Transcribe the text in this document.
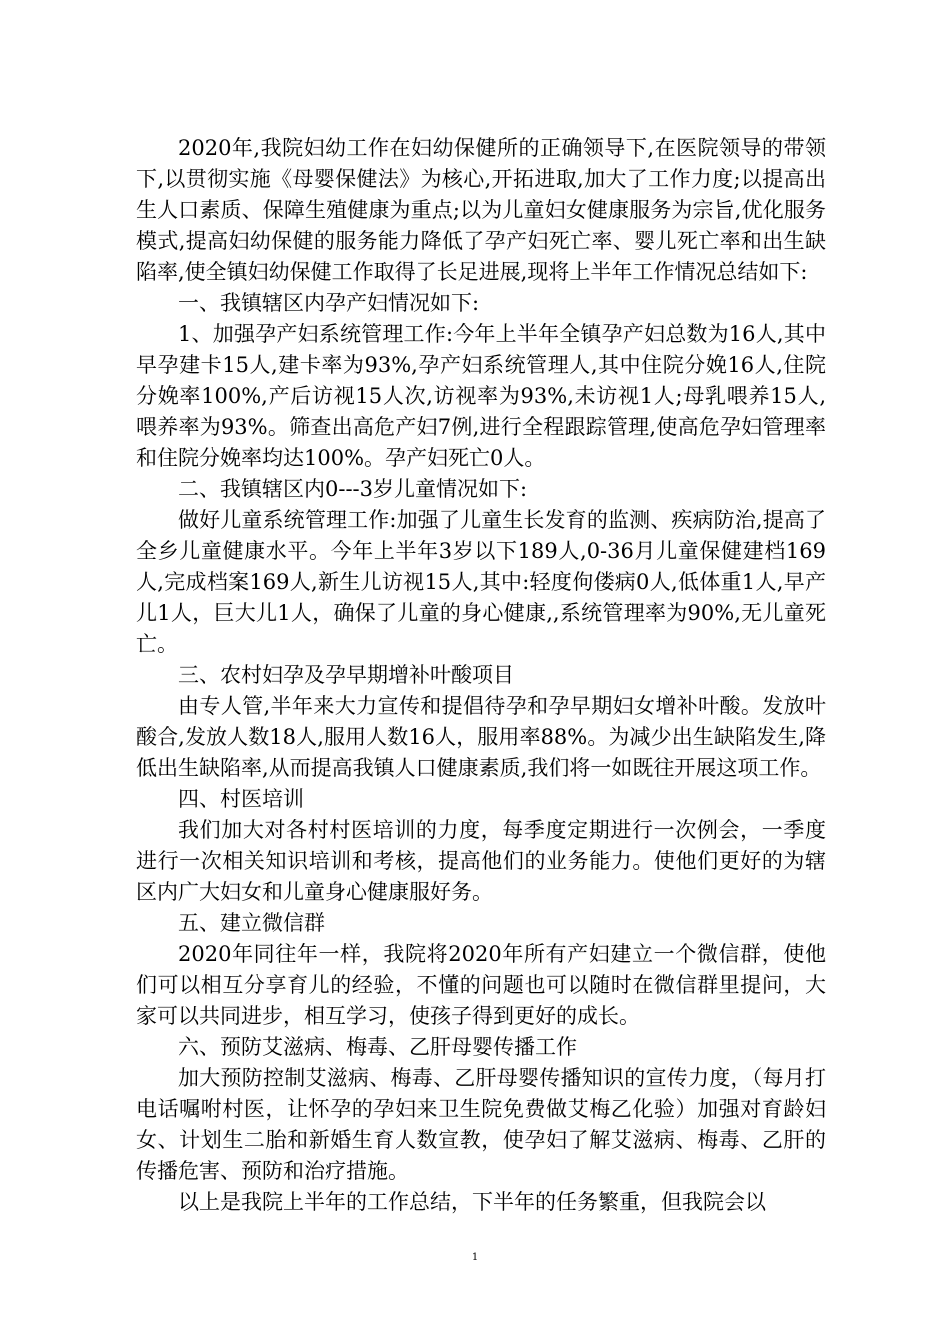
2020年,我院妇幼工作在妇幼保健所的正确领导下,在医院领导的带领下,以贯彻实施《母婴保健法》为核心,开拓进取,加大了工作力度;以提高出生人口素质、保障生殖健康为重点;以为儿童妇女健康服务为宗旨,优化服务模式,提高妇幼保健的服务能力降低了孕产妇死亡率、婴儿死亡率和出生缺陷率,使全镇妇幼保健工作取得了长足进展,现将上半年工作情况总结如下:

一、我镇辖区内孕产妇情况如下:

1、加强孕产妇系统管理工作:今年上半年全镇孕产妇总数为16人,其中早孕建卡15人,建卡率为93%,孕产妇系统管理人,其中住院分娩16人,住院分娩率100%,产后访视15人次,访视率为93%,未访视1人;母乳喂养15人,喂养率为93%。筛查出高危产妇7例,进行全程跟踪管理,使高危孕妇管理率和住院分娩率均达100%。孕产妇死亡0人。

二、我镇辖区内0---3岁儿童情况如下:

做好儿童系统管理工作:加强了儿童生长发育的监测、疾病防治,提高了全乡儿童健康水平。今年上半年3岁以下189人,0-36月儿童保健建档169人,完成档案169人,新生儿访视15人,其中:轻度佝偻病0人,低体重1人,早产儿1人，巨大儿1人，确保了儿童的身心健康,,系统管理率为90%,无儿童死亡。

三、农村妇孕及孕早期增补叶酸项目

由专人管,半年来大力宣传和提倡待孕和孕早期妇女增补叶酸。发放叶酸合,发放人数18人,服用人数16人，服用率88%。为减少出生缺陷发生,降低出生缺陷率,从而提高我镇人口健康素质,我们将一如既往开展这项工作。

四、村医培训

我们加大对各村村医培训的力度，每季度定期进行一次例会，一季度进行一次相关知识培训和考核，提高他们的业务能力。使他们更好的为辖区内广大妇女和儿童身心健康服好务。

五、建立微信群

2020年同往年一样，我院将2020年所有产妇建立一个微信群，使他们可以相互分享育儿的经验，不懂的问题也可以随时在微信群里提问，大家可以共同进步，相互学习，使孩子得到更好的成长。

六、预防艾滋病、梅毒、乙肝母婴传播工作

加大预防控制艾滋病、梅毒、乙肝母婴传播知识的宣传力度，（每月打电话嘱咐村医，让怀孕的孕妇来卫生院免费做艾梅乙化验）加强对育龄妇女、计划生二胎和新婚生育人数宣教，使孕妇了解艾滋病、梅毒、乙肝的传播危害、预防和治疗措施。

以上是我院上半年的工作总结，下半年的任务繁重，但我院会以

1
